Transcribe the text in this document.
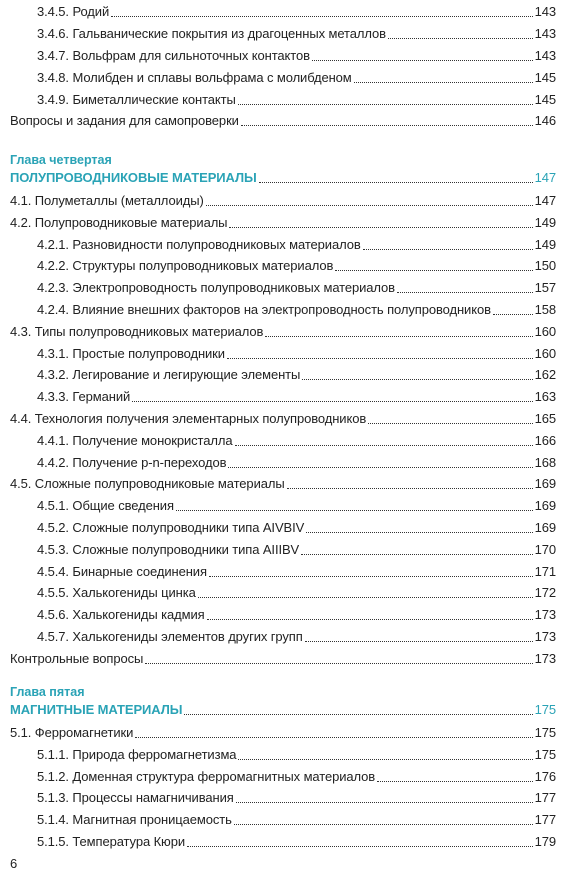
3.4.5. Родий	143
3.4.6. Гальванические покрытия из драгоценных металлов	143
3.4.7. Вольфрам для сильноточных контактов	143
3.4.8. Молибден и сплавы вольфрама с молибденом	145
3.4.9. Биметаллические контакты	145
Вопросы и задания для самопроверки	146
Глава четвертая
ПОЛУПРОВОДНИКОВЫЕ МАТЕРИАЛЫ	147
4.1. Полуметаллы (металлоиды)	147
4.2. Полупроводниковые материалы	149
4.2.1. Разновидности полупроводниковых материалов	149
4.2.2. Структуры полупроводниковых материалов	150
4.2.3. Электропроводность полупроводниковых материалов	157
4.2.4. Влияние внешних факторов на электропроводность полупроводников	158
4.3. Типы полупроводниковых материалов	160
4.3.1. Простые полупроводники	160
4.3.2. Легирование и легирующие элементы	162
4.3.3. Германий	163
4.4. Технология получения элементарных полупроводников	165
4.4.1. Получение монокристалла	166
4.4.2. Получение p-n-переходов	168
4.5. Сложные полупроводниковые материалы	169
4.5.1. Общие сведения	169
4.5.2. Сложные полупроводники типа AIVBIV	169
4.5.3. Сложные полупроводники типа AIIIBV	170
4.5.4. Бинарные соединения	171
4.5.5. Халькогениды цинка	172
4.5.6. Халькогениды кадмия	173
4.5.7. Халькогениды элементов других групп	173
Контрольные вопросы	173
Глава пятая
МАГНИТНЫЕ МАТЕРИАЛЫ	175
5.1. Ферромагнетики	175
5.1.1. Природа ферромагнетизма	175
5.1.2. Доменная структура ферромагнитных материалов	176
5.1.3. Процессы намагничивания	177
5.1.4. Магнитная проницаемость	177
5.1.5. Температура Кюри	179
6
